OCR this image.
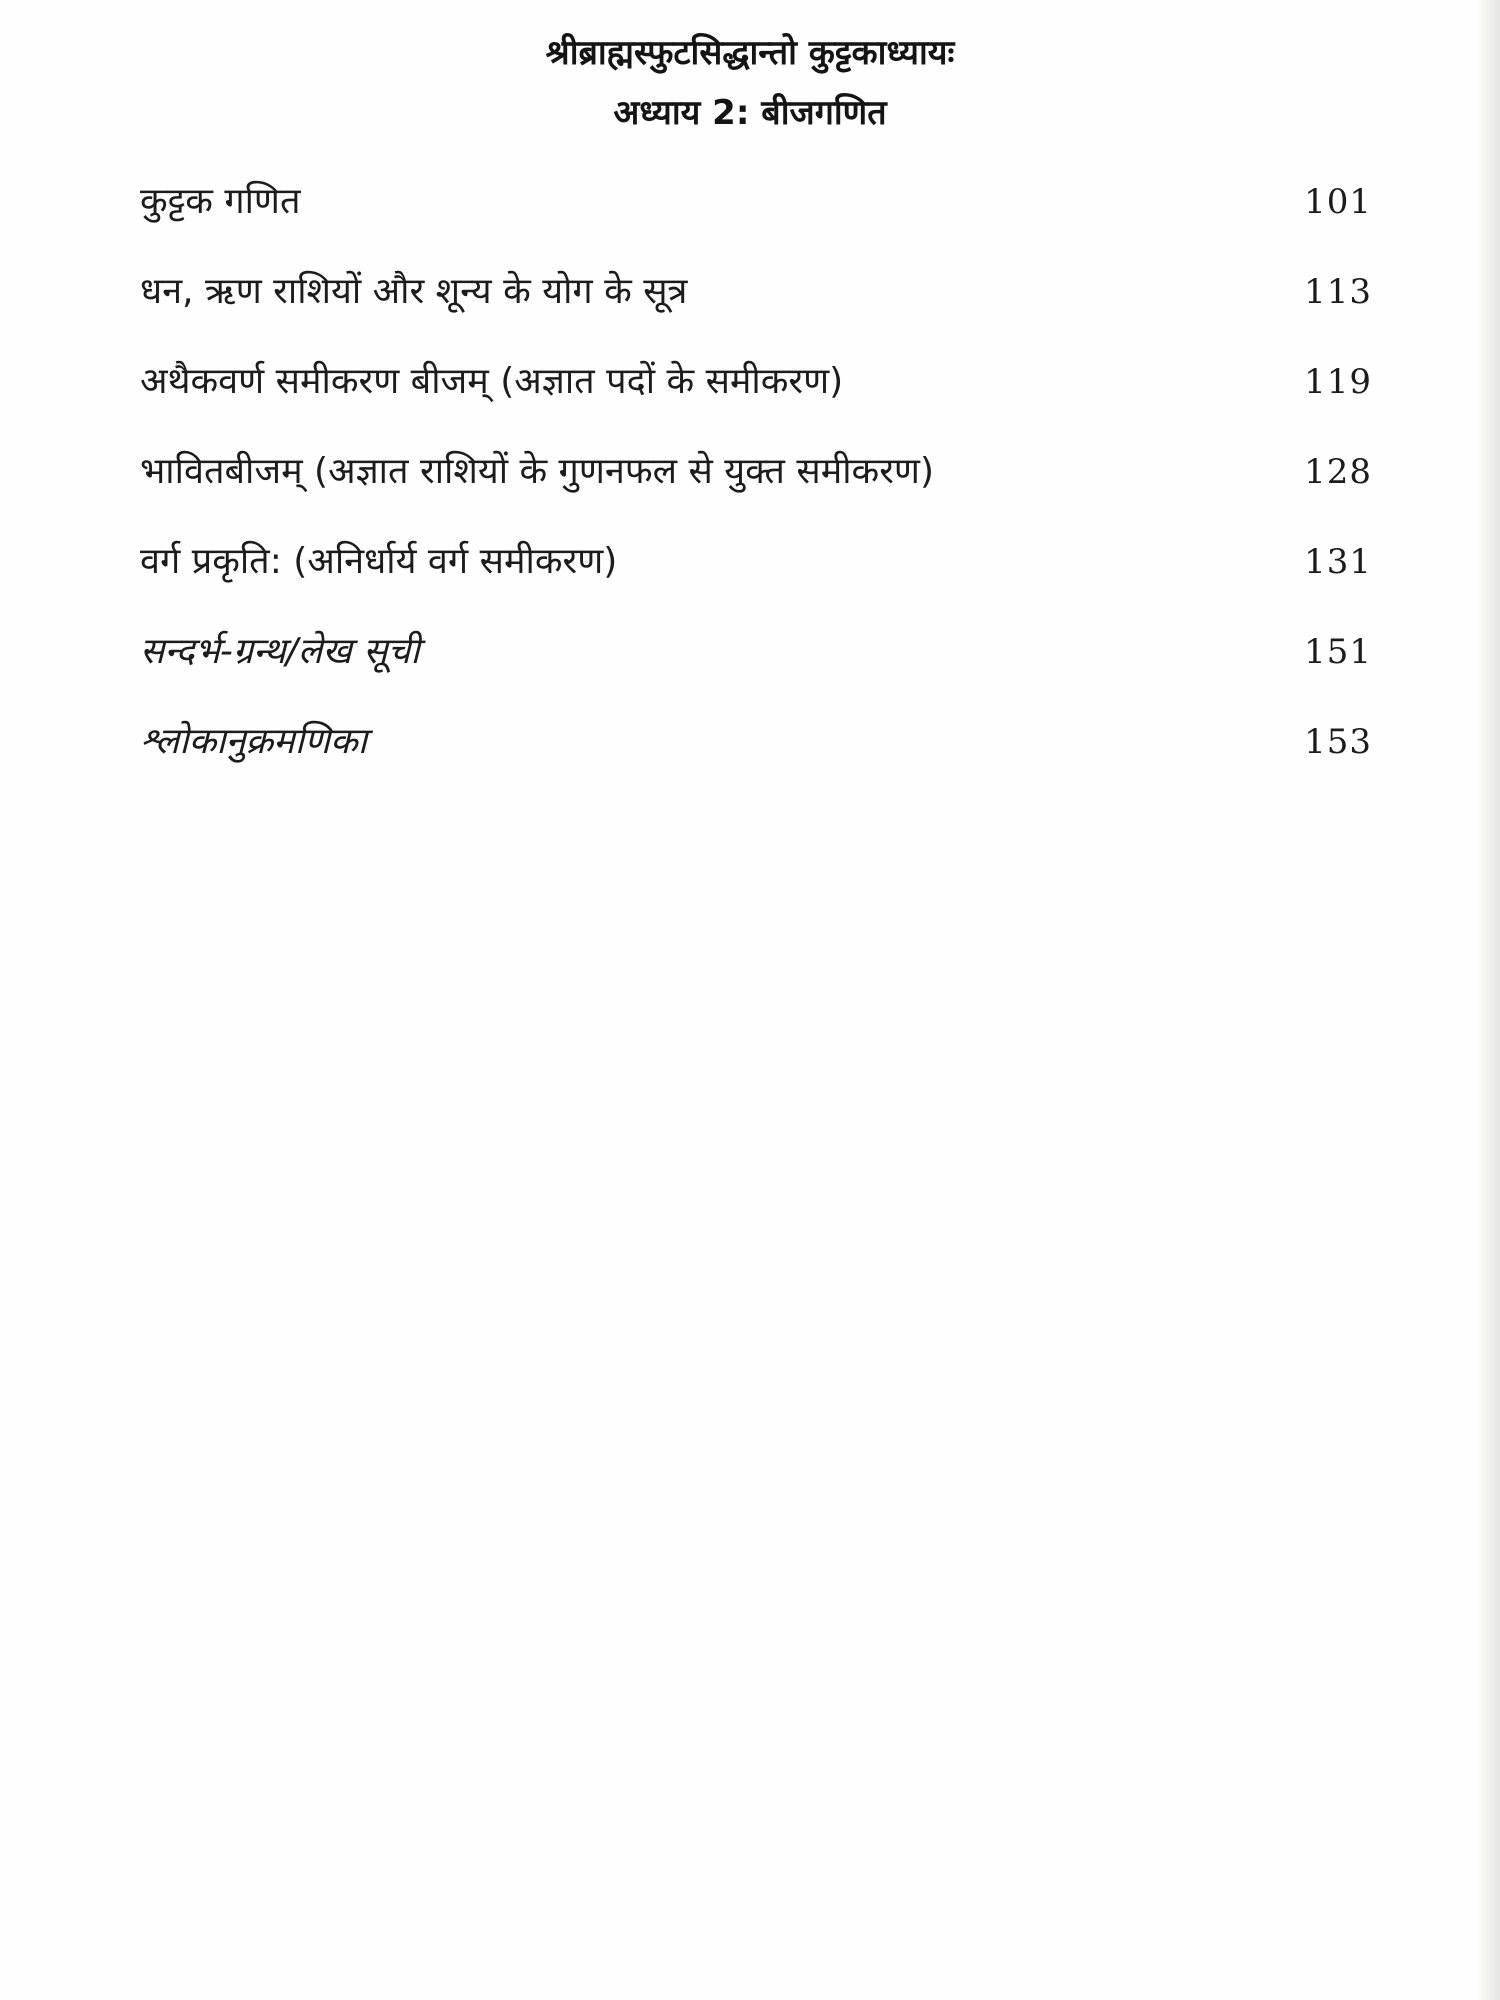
श्रीब्राह्मस्फुटसिद्धान्तो कुट्टकाध्यायः
अध्याय 2: बीजगणित
कुट्टक गणित	101
धन, ऋण राशियों और शून्य के योग के सूत्र	113
अथैकवर्ण समीकरण बीजम् (अज्ञात पदों के समीकरण)	119
भावितबीजम् (अज्ञात राशियों के गुणनफल से युक्त समीकरण)	128
वर्ग प्रकृति: (अनिर्धार्य वर्ग समीकरण)	131
सन्दर्भ-ग्रन्थ/लेख सूची	151
श्लोकानुक्रमणिका	153
